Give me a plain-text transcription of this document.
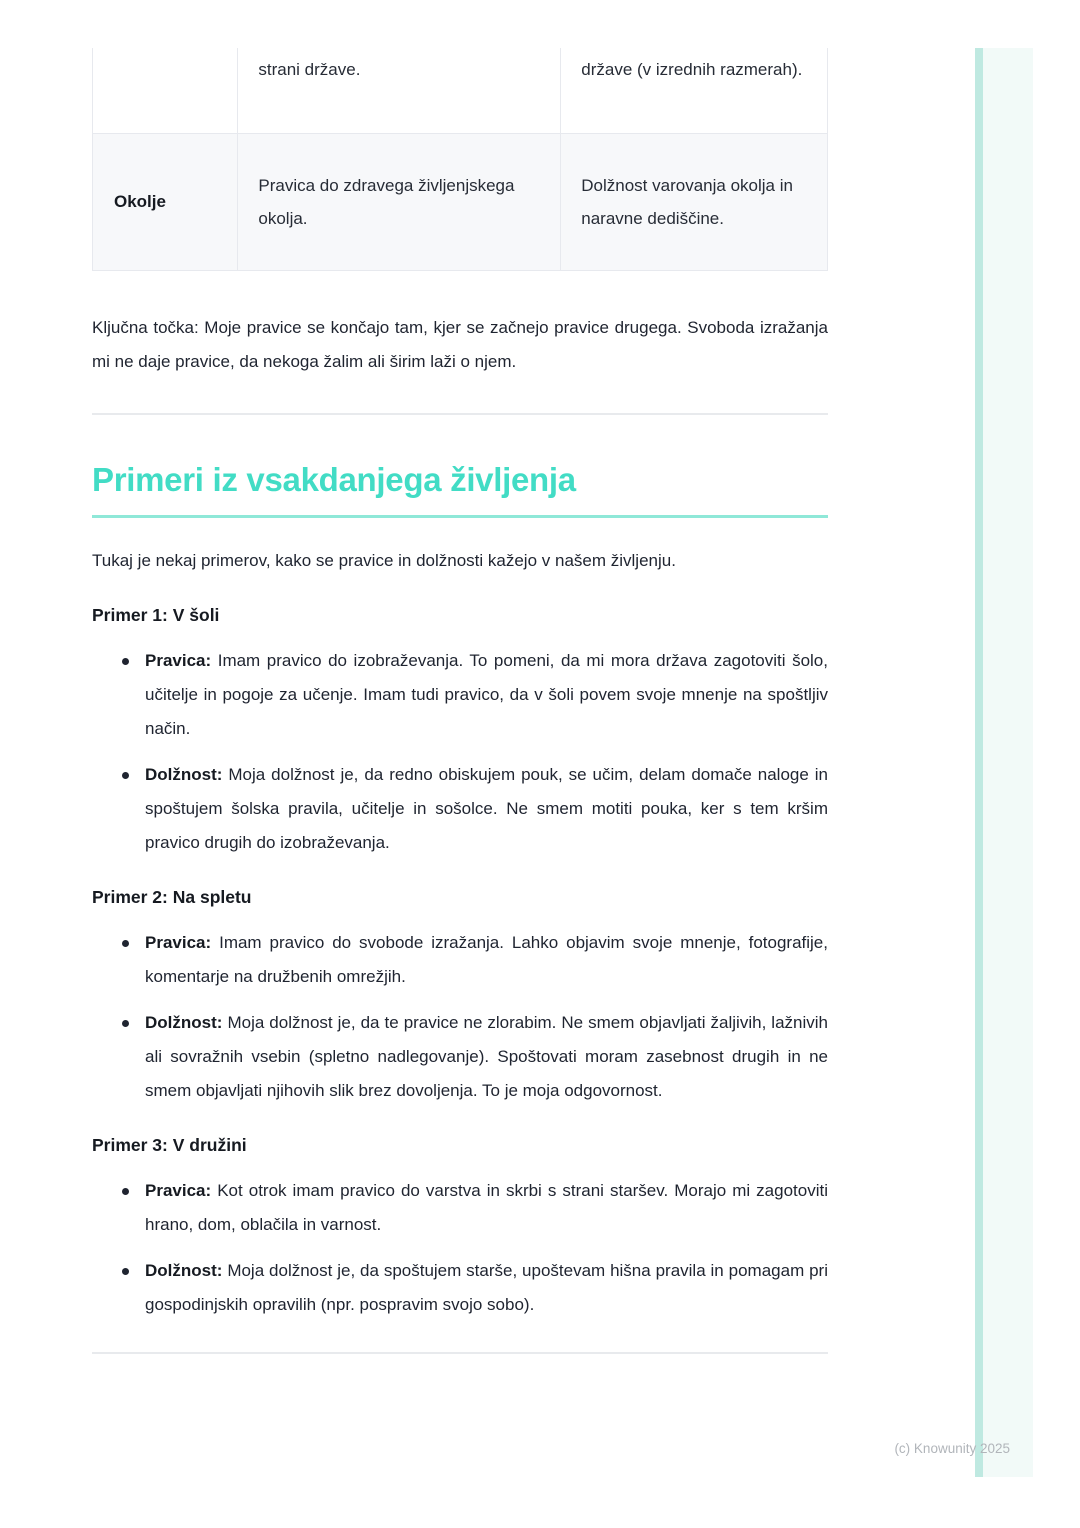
	strani države.	države (v izrednih razmerah).
Okolje	Pravica do zdravega življenjskega okolja.	Dolžnost varovanja okolja in naravne dediščine.

Ključna točka: Moje pravice se končajo tam, kjer se začnejo pravice drugega. Svoboda izražanja mi ne daje pravice, da nekoga žalim ali širim laži o njem.

Primeri iz vsakdanjega življenja

Tukaj je nekaj primerov, kako se pravice in dolžnosti kažejo v našem življenju.

Primer 1: V šoli
Pravica: Imam pravico do izobraževanja. To pomeni, da mi mora država zagotoviti šolo, učitelje in pogoje za učenje. Imam tudi pravico, da v šoli povem svoje mnenje na spoštljiv način.
Dolžnost: Moja dolžnost je, da redno obiskujem pouk, se učim, delam domače naloge in spoštujem šolska pravila, učitelje in sošolce. Ne smem motiti pouka, ker s tem kršim pravico drugih do izobraževanja.
Primer 2: Na spletu
Pravica: Imam pravico do svobode izražanja. Lahko objavim svoje mnenje, fotografije, komentarje na družbenih omrežjih.
Dolžnost: Moja dolžnost je, da te pravice ne zlorabim. Ne smem objavljati žaljivih, lažnivih ali sovražnih vsebin (spletno nadlegovanje). Spoštovati moram zasebnost drugih in ne smem objavljati njihovih slik brez dovoljenja. To je moja odgovornost.
Primer 3: V družini
Pravica: Kot otrok imam pravico do varstva in skrbi s strani staršev. Morajo mi zagotoviti hrano, dom, oblačila in varnost.
Dolžnost: Moja dolžnost je, da spoštujem starše, upoštevam hišna pravila in pomagam pri gospodinjskih opravilih (npr. pospravim svojo sobo).
(c) Knowunity 2025
